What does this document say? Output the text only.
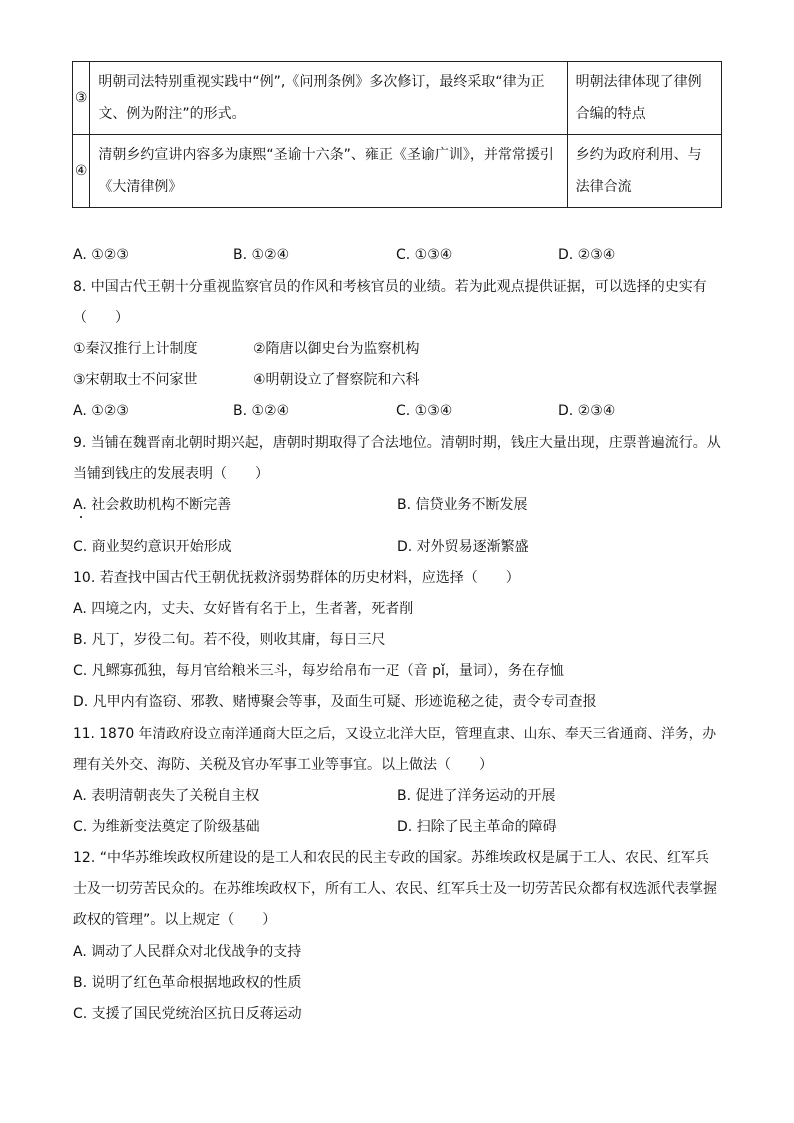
③	明朝司法特别重视实践中“例”,《问刑条例》多次修订，最终采取“律为正文、例为附注”的形式。	明朝法律体现了律例合编的特点
④	清朝乡约宣讲内容多为康熙“圣谕十六条”、雍正《圣谕广训》，并常常援引《大清律例》	乡约为政府利用、与法律合流
A. ①②③	B. ①②④	C. ①③④	D. ②③④
8. 中国古代王朝十分重视监察官员的作风和考核官员的业绩。若为此观点提供证据，可以选择的史实有
（　　）
①秦汉推行上计制度	②隋唐以御史台为监察机构
③宋朝取士不问家世	④明朝设立了督察院和六科
A. ①②③	B. ①②④	C. ①③④	D. ②③④
9. 当铺在魏晋南北朝时期兴起，唐朝时期取得了合法地位。清朝时期，钱庄大量出现，庄票普遍流行。从
当铺到钱庄的发展表明（　　）
A. 社会救助机构不断完善	B. 信贷业务不断发展
C. 商业契约意识开始形成	D. 对外贸易逐渐繁盛
10. 若查找中国古代王朝优抚救济弱势群体的历史材料，应选择（　　）
A. 四境之内，丈夫、女好皆有名于上，生者著，死者削
B. 凡丁，岁役二旬。若不役，则收其庸，每日三尺
C. 凡鳏寡孤独，每月官给粮米三斗，每岁给帛布一疋（音 pǐ，量词），务在存恤
D. 凡甲内有盗窃、邪教、赌博聚会等事，及面生可疑、形迹诡秘之徒，责令专司查报
11. 1870 年清政府设立南洋通商大臣之后，又设立北洋大臣，管理直隶、山东、奉天三省通商、洋务，办
理有关外交、海防、关税及官办军事工业等事宜。以上做法（　　）
A. 表明清朝丧失了关税自主权	B. 促进了洋务运动的开展
C. 为维新变法奠定了阶级基础	D. 扫除了民主革命的障碍
12. “中华苏维埃政权所建设的是工人和农民的民主专政的国家。苏维埃政权是属于工人、农民、红军兵
士及一切劳苦民众的。在苏维埃政权下，所有工人、农民、红军兵士及一切劳苦民众都有权选派代表掌握
政权的管理”。以上规定（　　）
A. 调动了人民群众对北伐战争的支持
B. 说明了红色革命根据地政权的性质
C. 支援了国民党统治区抗日反蒋运动
